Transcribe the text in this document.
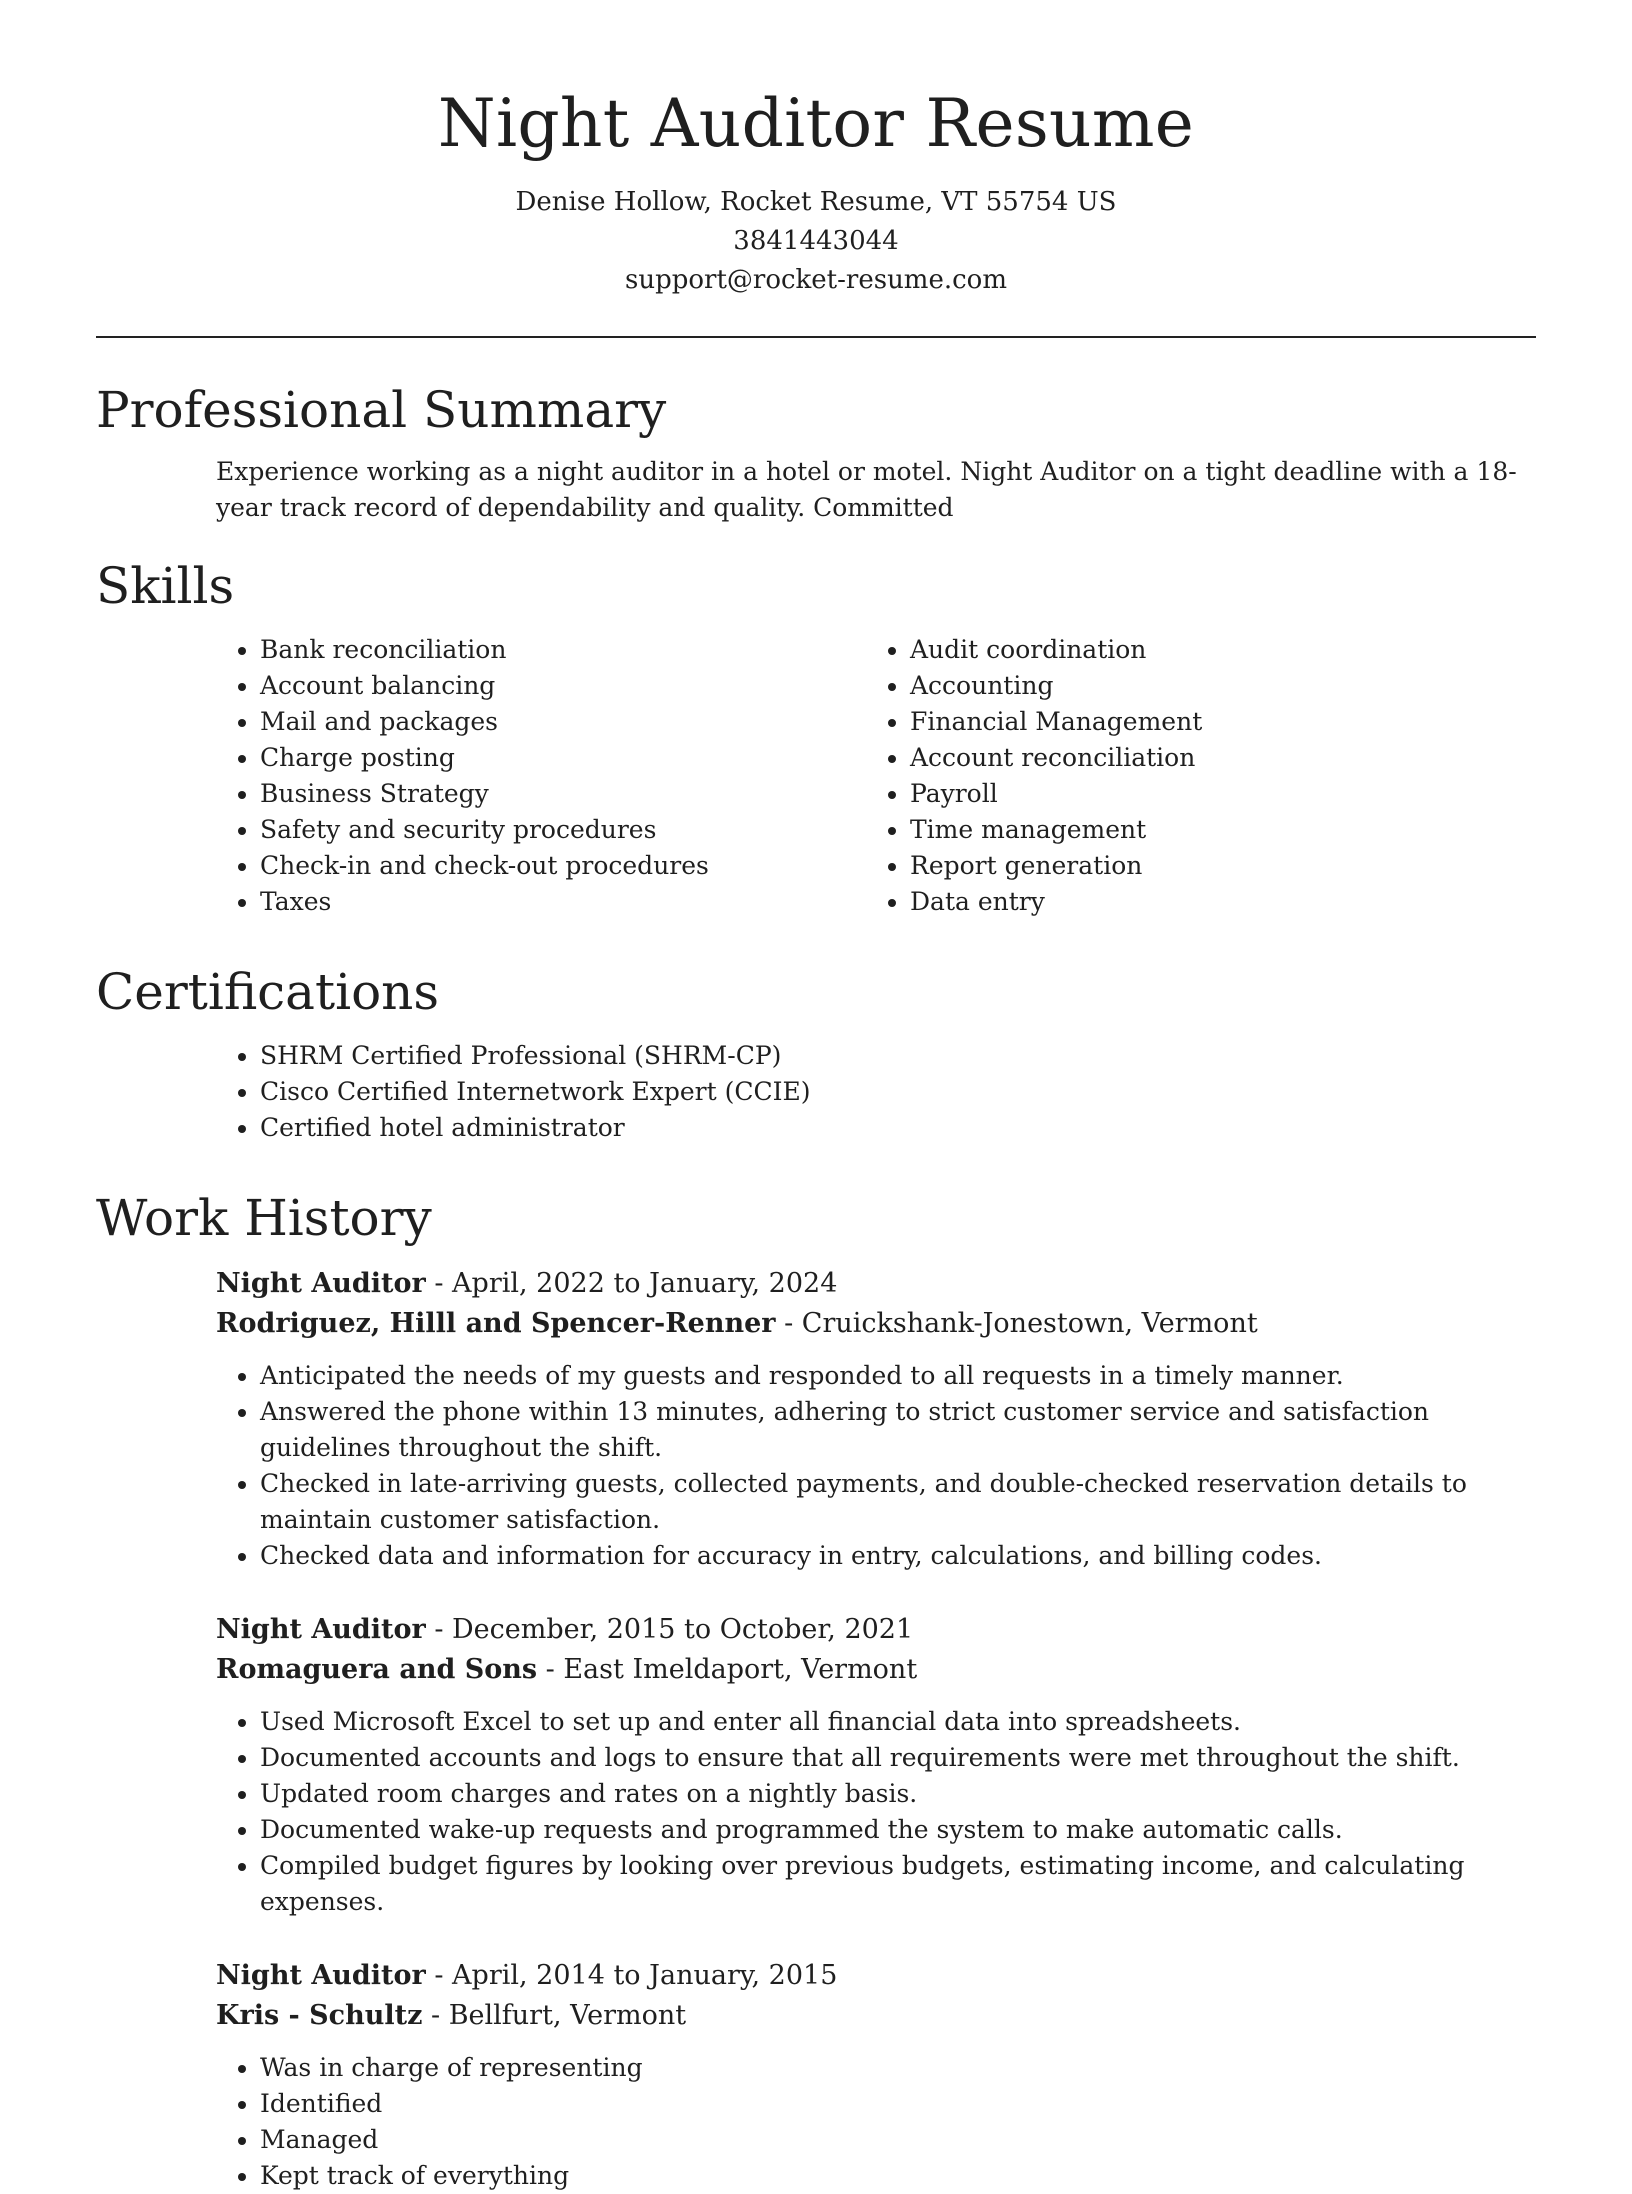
Night Auditor Resume
Denise Hollow, Rocket Resume, VT 55754 US
3841443044
support@rocket-resume.com
Professional Summary

Experience working as a night auditor in a hotel or motel. Night Auditor on a tight deadline with a 18-year track record of dependability and quality. Committed

Skills
• Bank reconciliation
• Account balancing
• Mail and packages
• Charge posting
• Business Strategy
• Safety and security procedures
• Check-in and check-out procedures
• Taxes
• Audit coordination
• Accounting
• Financial Management
• Account reconciliation
• Payroll
• Time management
• Report generation
• Data entry
Certifications
• SHRM Certified Professional (SHRM-CP)
• Cisco Certified Internetwork Expert (CCIE)
• Certified hotel administrator
Work History
Night Auditor - April, 2022 to January, 2024
Rodriguez, Hilll and Spencer-Renner - Cruickshank-Jonestown, Vermont
• Anticipated the needs of my guests and responded to all requests in a timely manner.
• Answered the phone within 13 minutes, adhering to strict customer service and satisfaction guidelines throughout the shift.
• Checked in late-arriving guests, collected payments, and double-checked reservation details to maintain customer satisfaction.
• Checked data and information for accuracy in entry, calculations, and billing codes.
Night Auditor - December, 2015 to October, 2021
Romaguera and Sons - East Imeldaport, Vermont
• Used Microsoft Excel to set up and enter all financial data into spreadsheets.
• Documented accounts and logs to ensure that all requirements were met throughout the shift.
• Updated room charges and rates on a nightly basis.
• Documented wake-up requests and programmed the system to make automatic calls.
• Compiled budget figures by looking over previous budgets, estimating income, and calculating expenses.
Night Auditor - April, 2014 to January, 2015
Kris - Schultz - Bellfurt, Vermont
• Was in charge of representing
• Identified
• Managed
• Kept track of everything
